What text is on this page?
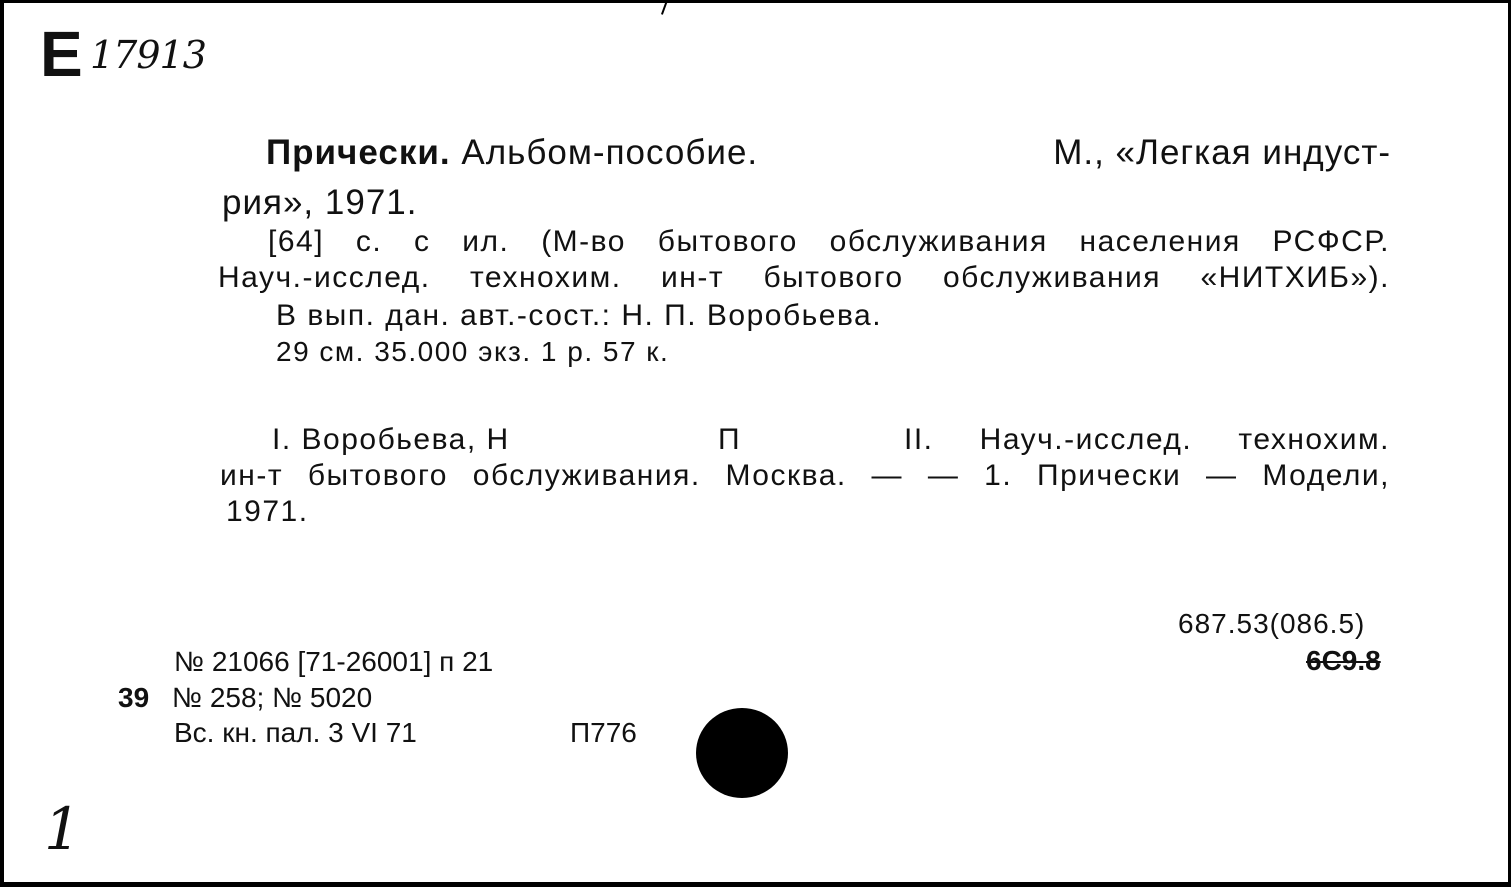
Е 17913
Прически. Альбом-пособие.	М., «Легкая индуст-
рия», 1971.
[64] с. с ил. (М-во бытового обслуживания населения РСФСР.
Науч.-исслед. технохим. ин-т бытового обслуживания «НИТХИБ»).
В вып. дан. авт.-сост.: Н. П. Воробьева.
29 см. 35.000 экз. 1 р. 57 к.
I. Воробьева, Н	П	II. Науч.-исслед. технохим.
ин-т бытового обслуживания. Москва. — — 1. Прически — Модели,
1971.
687.53(086.5)
6С9.8
№ 21066 [71-26001] п 21
39 № 258; № 5020
Вс. кн. пал. 3 VI 71	П776
1
